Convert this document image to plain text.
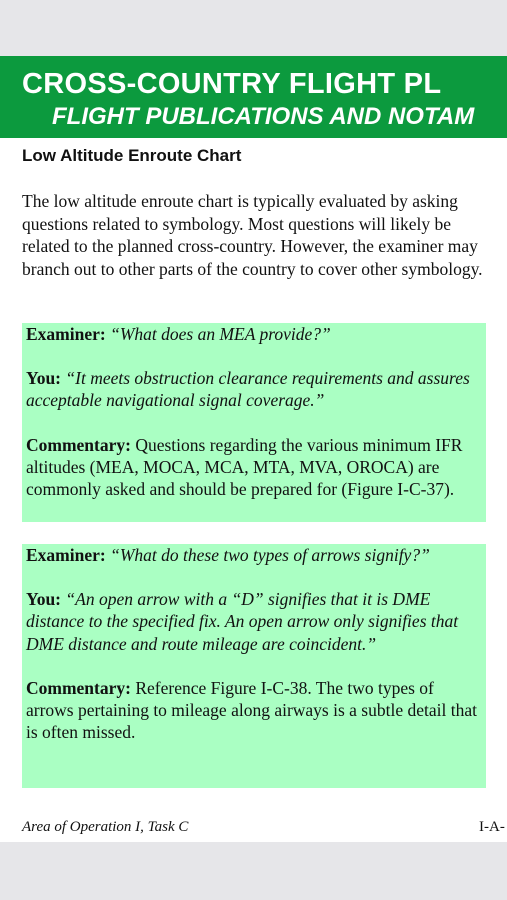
CROSS-COUNTRY FLIGHT PL
FLIGHT PUBLICATIONS AND NOTAM
Low Altitude Enroute Chart

The low altitude enroute chart is typically evaluated by asking questions related to symbology. Most questions will likely be related to the planned cross-country. However, the examiner may branch out to other parts of the country to cover other symbology.

Examiner: “What does an MEA provide?”

You: “It meets obstruction clearance requirements and assures acceptable navigational signal coverage.”

Commentary: Questions regarding the various minimum IFR altitudes (MEA, MOCA, MCA, MTA, MVA, OROCA) are commonly asked and should be prepared for (Figure I-C-37).

Examiner: “What do these two types of arrows signify?”

You: “An open arrow with a “D” signifies that it is DME distance to the specified fix. An open arrow only signifies that DME distance and route mileage are coincident.”

Commentary: Reference Figure I-C-38. The two types of arrows pertaining to mileage along airways is a subtle detail that is often missed.

Area of Operation I, Task C	I-A-
